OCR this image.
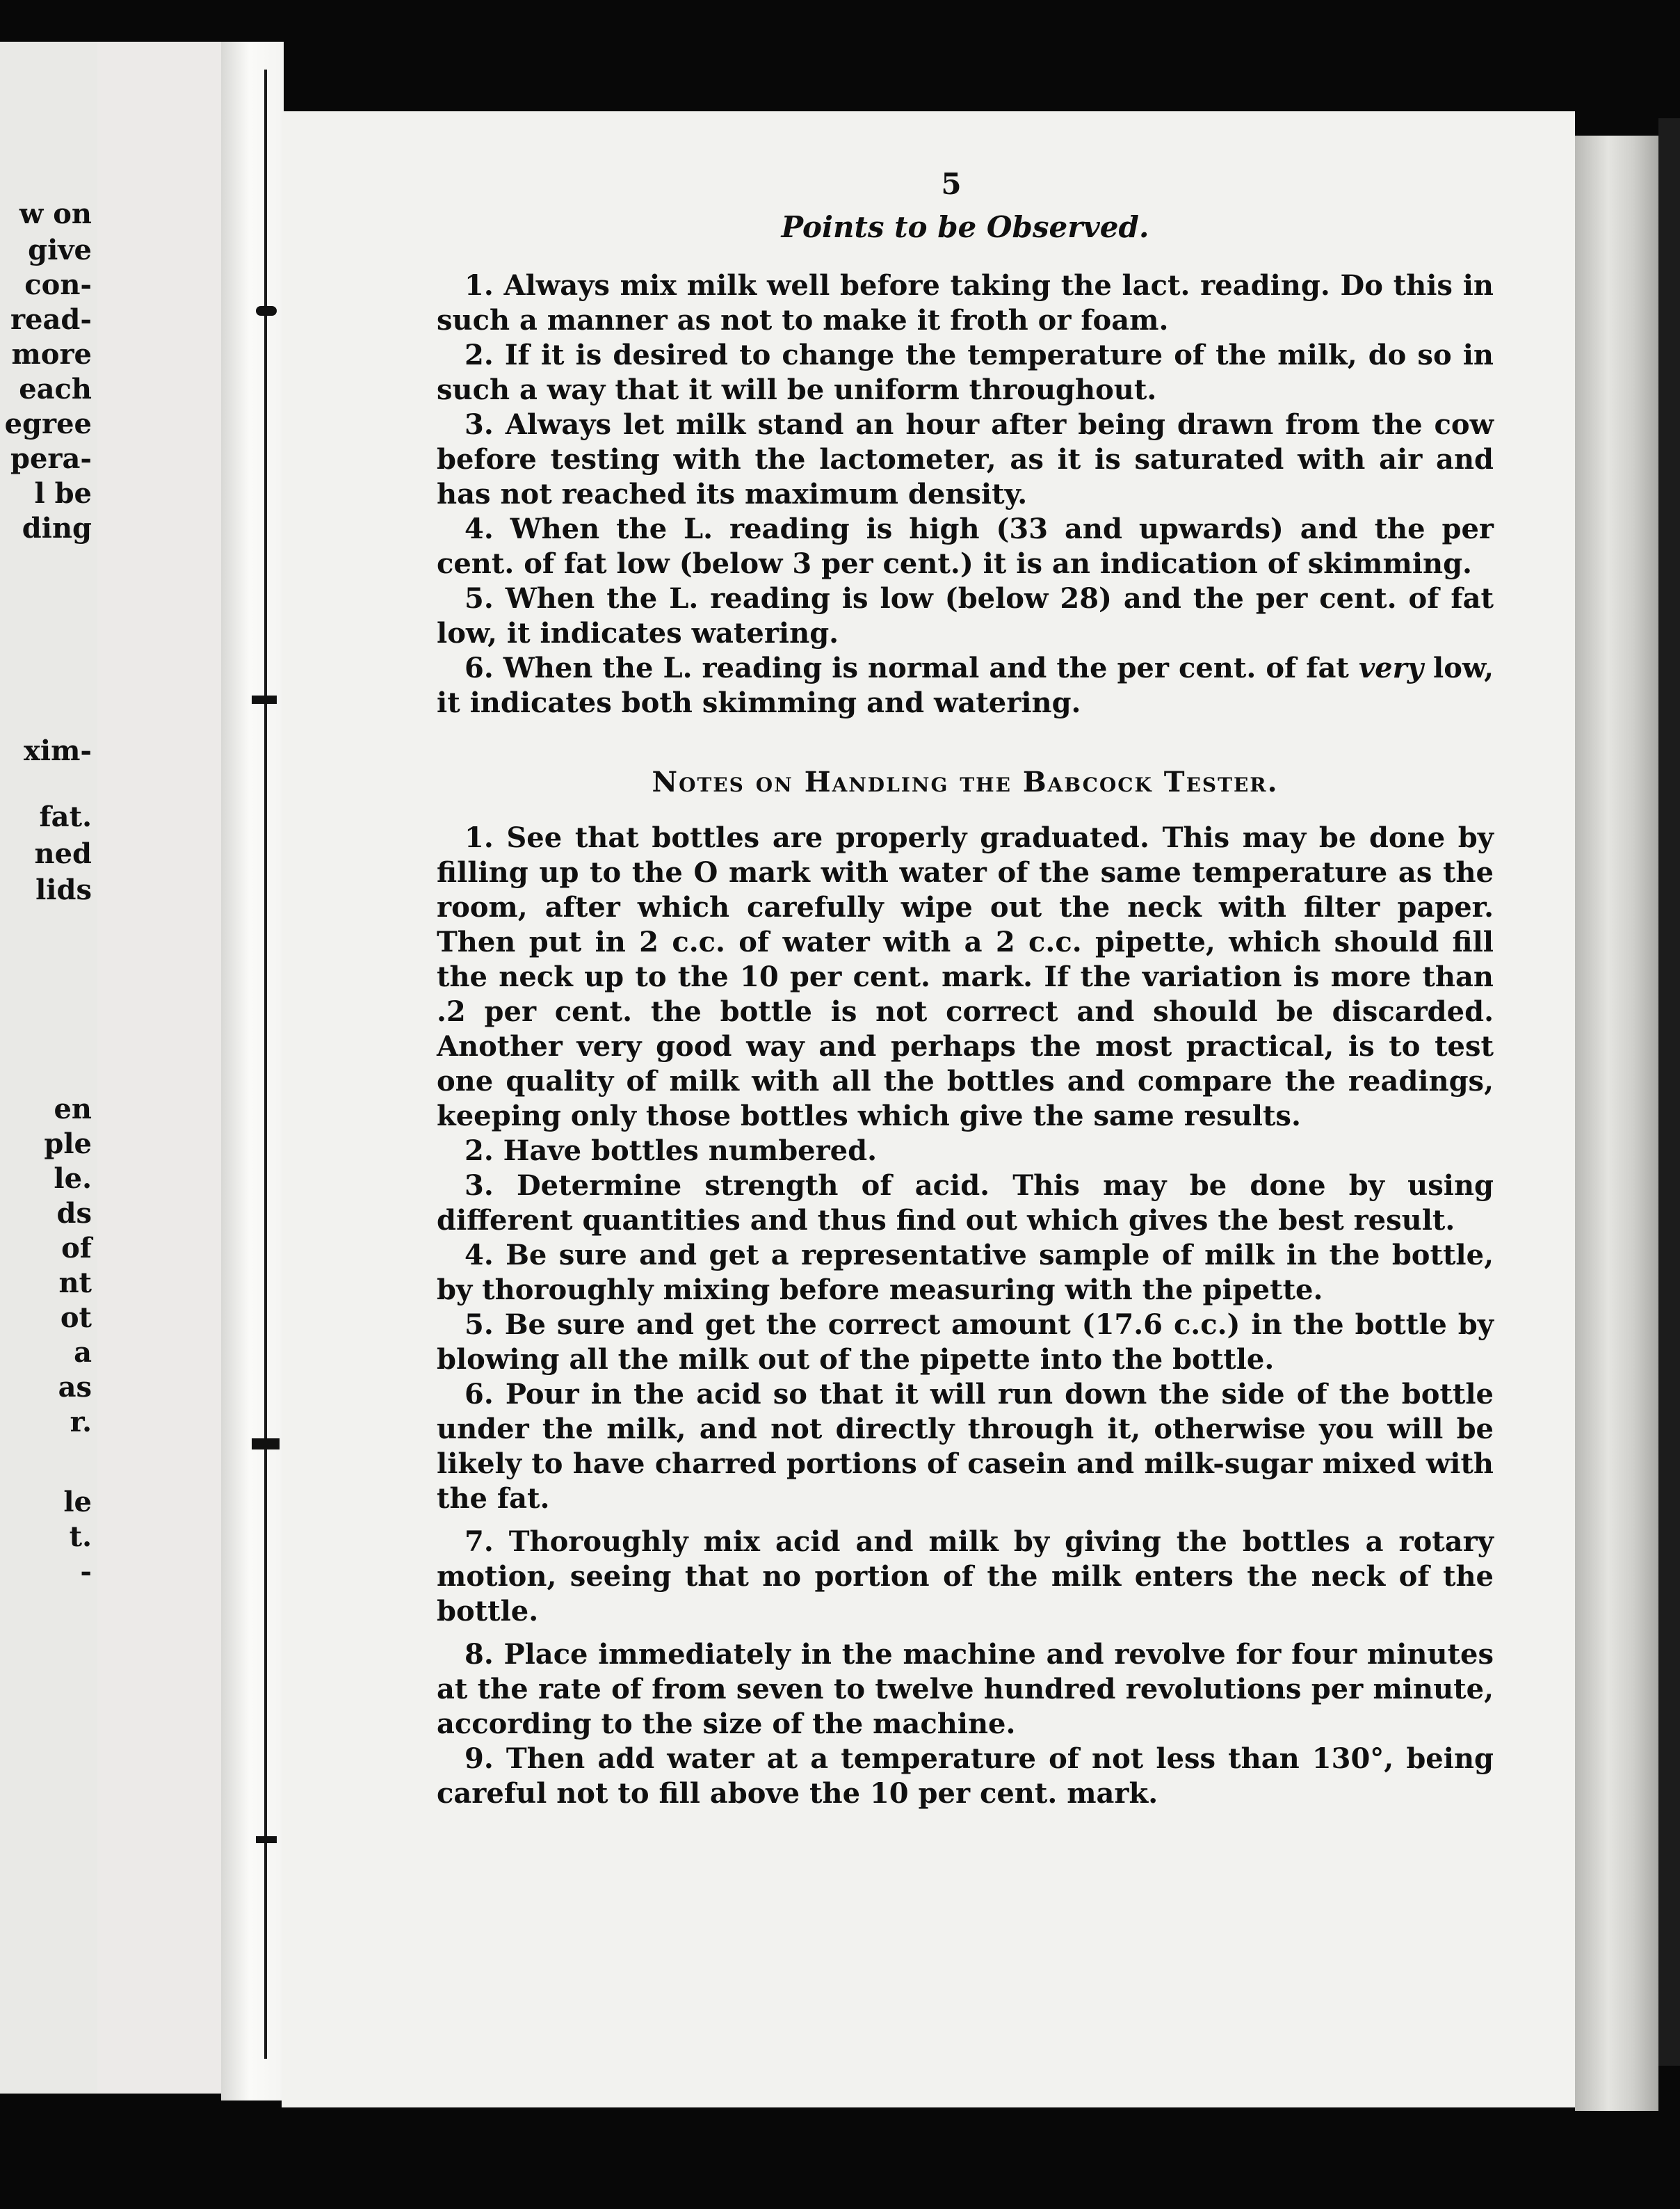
w on
give
con-
read-
more
each
egree
pera-
l be
ding
xim-
fat.
ned
lids
en
ple
le.
ds
of
nt
ot
a
as
r.
le
t.
-
5
Points to be Observed.

1. Always mix milk well before taking the lact. reading. Do this in such a manner as not to make it froth or foam.

2. If it is desired to change the temperature of the milk, do so in such a way that it will be uniform throughout.

3. Always let milk stand an hour after being drawn from the cow before testing with the lactometer, as it is saturated with air and has not reached its maximum density.

4. When the L. reading is high (33 and upwards) and the per cent. of fat low (below 3 per cent.) it is an indication of skimming.

5. When the L. reading is low (below 28) and the per cent. of fat low, it indicates watering.

6. When the L. reading is normal and the per cent. of fat very low, it indicates both skimming and watering.

Notes on Handling the Babcock Tester.

1. See that bottles are properly graduated. This may be done by filling up to the O mark with water of the same temperature as the room, after which carefully wipe out the neck with filter paper. Then put in 2 c.c. of water with a 2 c.c. pipette, which should fill the neck up to the 10 per cent. mark. If the variation is more than .2 per cent. the bottle is not correct and should be discarded. Another very good way and perhaps the most practical, is to test one quality of milk with all the bottles and compare the readings, keeping only those bottles which give the same results.

2. Have bottles numbered.

3. Determine strength of acid. This may be done by using different quantities and thus find out which gives the best result.

4. Be sure and get a representative sample of milk in the bottle, by thoroughly mixing before measuring with the pipette.

5. Be sure and get the correct amount (17.6 c.c.) in the bottle by blowing all the milk out of the pipette into the bottle.

6. Pour in the acid so that it will run down the side of the bottle under the milk, and not directly through it, otherwise you will be likely to have charred portions of casein and milk-sugar mixed with the fat.

7. Thoroughly mix acid and milk by giving the bottles a rotary motion, seeing that no portion of the milk enters the neck of the bottle.

8. Place immediately in the machine and revolve for four minutes at the rate of from seven to twelve hundred revolutions per minute, according to the size of the machine.

9. Then add water at a temperature of not less than 130°, being careful not to fill above the 10 per cent. mark.
